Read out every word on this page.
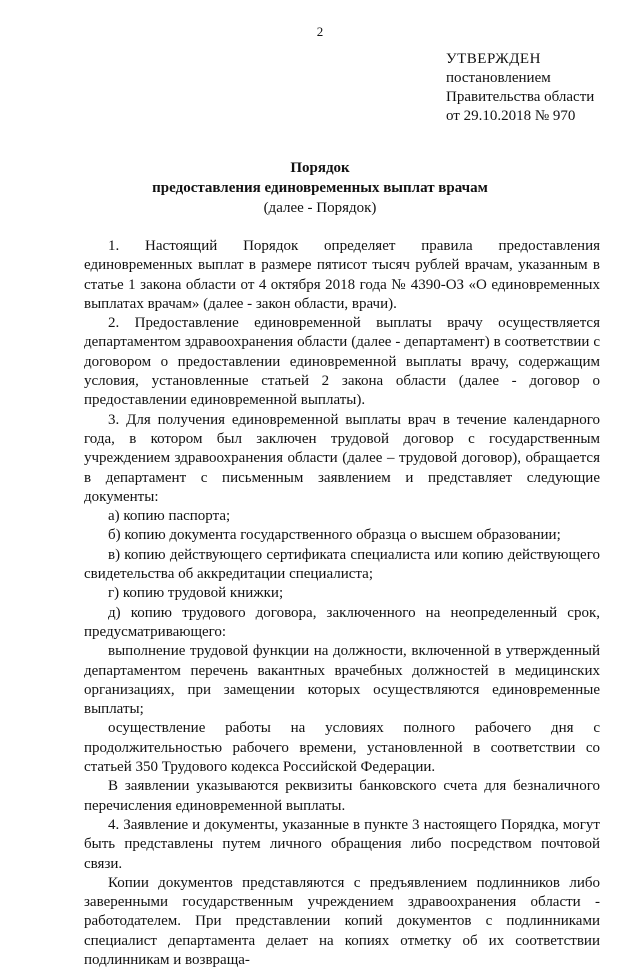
2
УТВЕРЖДЕН
постановлением
Правительства области
от 29.10.2018 № 970
Порядок
предоставления единовременных выплат врачам
(далее - Порядок)

1. Настоящий Порядок определяет правила предоставления единовременных выплат в размере пятисот тысяч рублей врачам, указанным в статье 1 закона области от 4 октября 2018 года № 4390-ОЗ «О единовременных выплатах врачам» (далее - закон области, врачи).

2. Предоставление единовременной выплаты врачу осуществляется департаментом здравоохранения области (далее - департамент) в соответствии с договором о предоставлении единовременной выплаты врачу, содержащим условия, установленные статьей 2 закона области (далее - договор о предоставлении единовременной выплаты).

3. Для получения единовременной выплаты врач в течение календарного года, в котором был заключен трудовой договор с государственным учреждением здравоохранения области (далее – трудовой договор), обращается в департамент с письменным заявлением и представляет следующие документы:

а) копию паспорта;

б) копию документа государственного образца о высшем образовании;

в) копию действующего сертификата специалиста или копию действующего свидетельства об аккредитации специалиста;

г) копию трудовой книжки;

д) копию трудового договора, заключенного на неопределенный срок, предусматривающего:

выполнение трудовой функции на должности, включенной в утвержденный департаментом перечень вакантных врачебных должностей в медицинских организациях, при замещении которых осуществляются единовременные выплаты;

осуществление работы на условиях полного рабочего дня с продолжительностью рабочего времени, установленной в соответствии со статьей 350 Трудового кодекса Российской Федерации.

В заявлении указываются реквизиты банковского счета для безналичного перечисления единовременной выплаты.

4. Заявление и документы, указанные в пункте 3 настоящего Порядка, могут быть представлены путем личного обращения либо посредством почтовой связи.

Копии документов представляются с предъявлением подлинников либо заверенными государственным учреждением здравоохранения области - работодателем. При представлении копий документов с подлинниками специалист департамента делает на копиях отметку об их соответствии подлинникам и возвраща-
